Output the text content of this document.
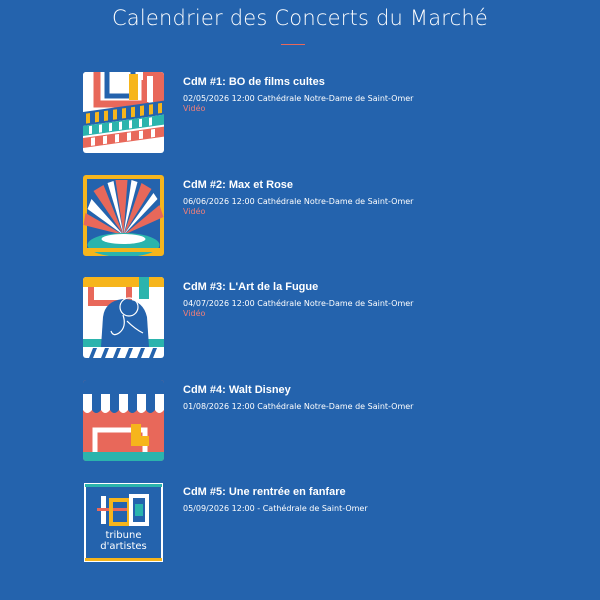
Calendrier des Concerts du Marché
CdM #1: BO de films cultes
02/05/2026 12:00 Cathédrale Notre-Dame de Saint-Omer
Vidéo
CdM #2: Max et Rose
06/06/2026 12:00 Cathédrale Notre-Dame de Saint-Omer
Vidéo
CdM #3: L'Art de la Fugue
04/07/2026 12:00 Cathédrale Notre-Dame de Saint-Omer
Vidéo
CdM #4: Walt Disney
01/08/2026 12:00 Cathédrale Notre-Dame de Saint-Omer
tribune
d'artistes
CdM #5: Une rentrée en fanfare
05/09/2026 12:00 - Cathédrale de Saint-Omer
